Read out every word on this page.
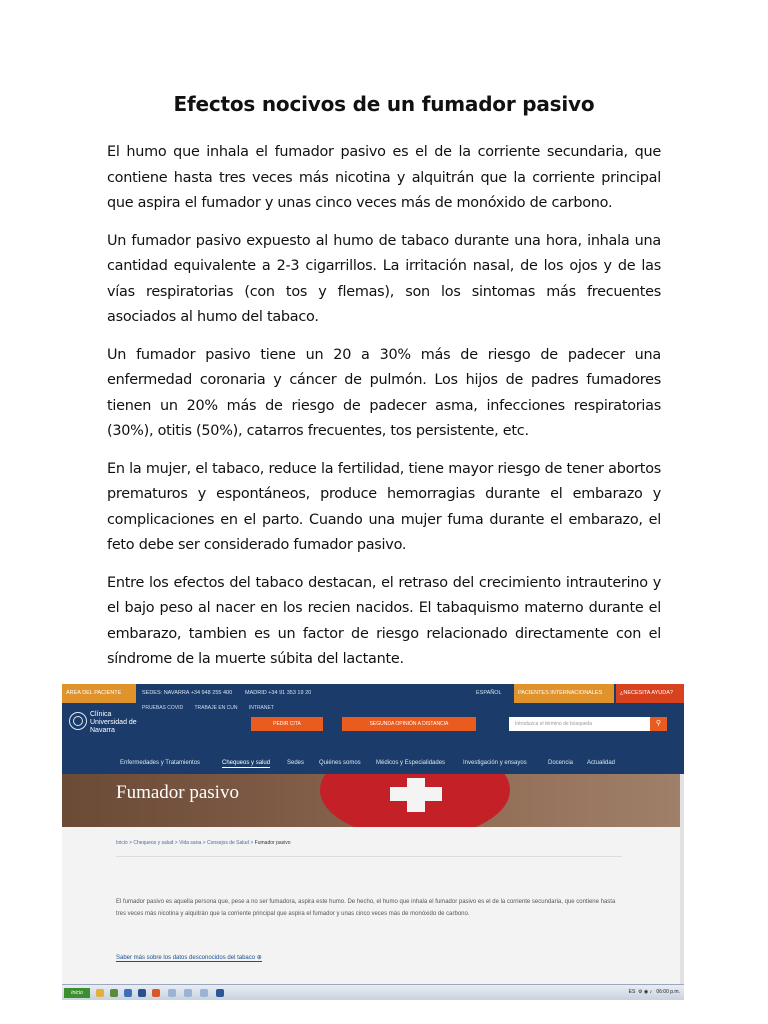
Efectos nocivos de un fumador pasivo

El humo que inhala el fumador pasivo es el de la corriente secundaria, que contiene hasta tres veces más nicotina y alquitrán que la corriente principal que aspira el fumador y unas cinco veces más de monóxido de carbono.

Un fumador pasivo expuesto al humo de tabaco durante una hora, inhala una cantidad equivalente a 2-3 cigarrillos. La irritación nasal, de los ojos y de las vías respiratorias (con tos y flemas), son los sintomas más frecuentes asociados al humo del tabaco.

Un fumador pasivo tiene un 20 a 30% más de riesgo de padecer una enfermedad coronaria y cáncer de pulmón. Los hijos de padres fumadores tienen un 20% más de riesgo de padecer asma, infecciones respiratorias (30%), otitis (50%), catarros frecuentes, tos persistente, etc.

En la mujer, el tabaco, reduce la fertilidad, tiene mayor riesgo de tener abortos prematuros y espontáneos, produce hemorragias durante el embarazo y complicaciones en el parto. Cuando una mujer fuma durante el embarazo, el feto debe ser considerado fumador pasivo.

Entre los efectos del tabaco destacan, el retraso del crecimiento intrauterino y el bajo peso al nacer en los recien nacidos. El tabaquismo materno durante el embarazo, tambien es un factor de riesgo relacionado directamente con el síndrome de la muerte súbita del lactante.

ÁREA DEL PACIENTE	SEDES: NAVARRA +34 948 255 400 MADRID +34 91 353 19 20	ESPAÑOL	PACIENTES INTERNACIONALES	¿NECESITA AYUDA?
PRUEBAS COVID TRABAJE EN CUN INTRANET
Clínica Universidad de Navarra
PEDIR CITA	SEGUNDA OPINIÓN A DISTANCIA	Introduzca el término de búsqueda	⚲
Enfermedades y Tratamientos	Chequeos y salud	Sedes Quiénes somos	Médicos y Especialidades	Investigación y ensayos	Docencia Actualidad
Fumador pasivo
Inicio > Chequeos y salud > Vida sana > Consejos de Salud > Fumador pasivo
El fumador pasivo es aquella persona que, pese a no ser fumadora, aspira este humo. De hecho, el humo que inhala el fumador pasivo es el de la corriente secundaria, que contiene hasta tres veces más nicotina y alquitrán que la corriente principal que aspira el fumador y unas cinco veces más de monóxido de carbono.
Saber más sobre los datos desconocidos del tabaco ⊕
Inicio	ES  ⚙ ◉ ♪   06:00 p.m.
